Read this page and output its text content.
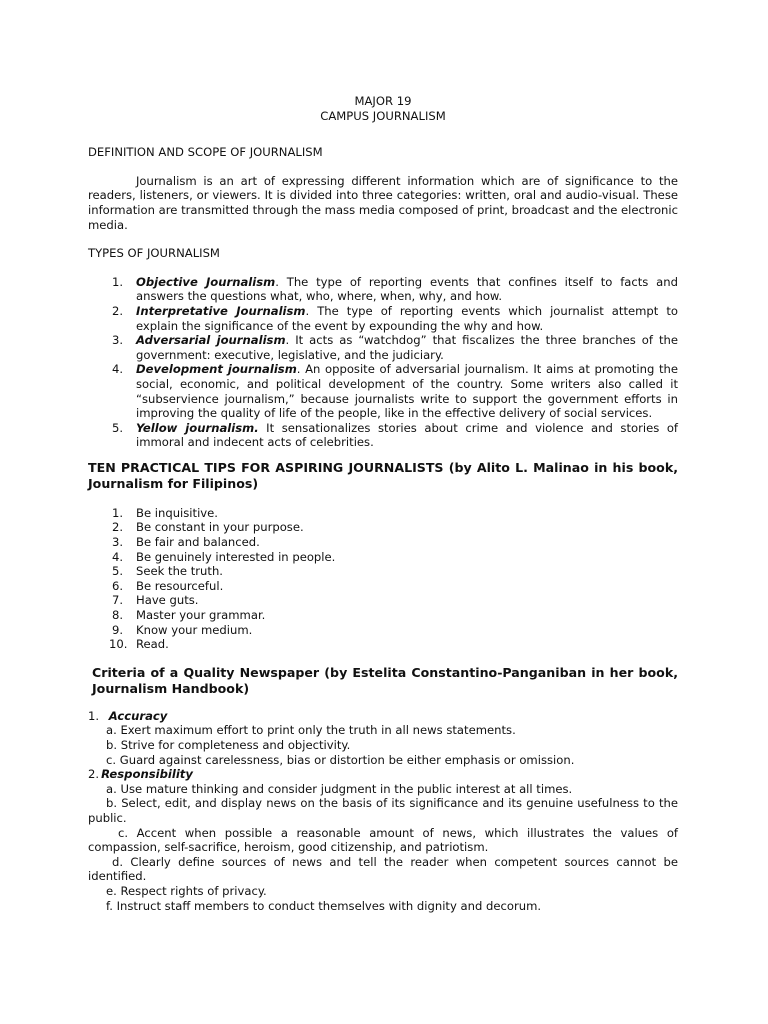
MAJOR 19
CAMPUS JOURNALISM
DEFINITION AND SCOPE OF JOURNALISM
Journalism is an art of expressing different information which are of significance to the readers, listeners, or viewers. It is divided into three categories: written, oral and audio-visual. These information are transmitted through the mass media composed of print, broadcast and the electronic media.
TYPES OF JOURNALISM
1. Objective Journalism. The type of reporting events that confines itself to facts and answers the questions what, who, where, when, why, and how.
2. Interpretative Journalism. The type of reporting events which journalist attempt to explain the significance of the event by expounding the why and how.
3. Adversarial journalism. It acts as “watchdog” that fiscalizes the three branches of the government: executive, legislative, and the judiciary.
4. Development journalism. An opposite of adversarial journalism. It aims at promoting the social, economic, and political development of the country. Some writers also called it “subservience journalism,” because journalists write to support the government efforts in improving the quality of life of the people, like in the effective delivery of social services.
5. Yellow journalism. It sensationalizes stories about crime and violence and stories of immoral and indecent acts of celebrities.
TEN PRACTICAL TIPS FOR ASPIRING JOURNALISTS (by Alito L. Malinao in his book, Journalism for Filipinos)
1. Be inquisitive.
2. Be constant in your purpose.
3. Be fair and balanced.
4. Be genuinely interested in people.
5. Seek the truth.
6. Be resourceful.
7. Have guts.
8. Master your grammar.
9. Know your medium.
10. Read.
Criteria of a Quality Newspaper (by Estelita Constantino-Panganiban in her book, Journalism Handbook)
1. Accuracy
a. Exert maximum effort to print only the truth in all news statements.
b. Strive for completeness and objectivity.
c. Guard against carelessness, bias or distortion be either emphasis or omission.
2. Responsibility
a. Use mature thinking and consider judgment in the public interest at all times.
b. Select, edit, and display news on the basis of its significance and its genuine usefulness to the public.
c. Accent when possible a reasonable amount of news, which illustrates the values of compassion, self-sacrifice, heroism, good citizenship, and patriotism.
d. Clearly define sources of news and tell the reader when competent sources cannot be identified.
e. Respect rights of privacy.
f. Instruct staff members to conduct themselves with dignity and decorum.
